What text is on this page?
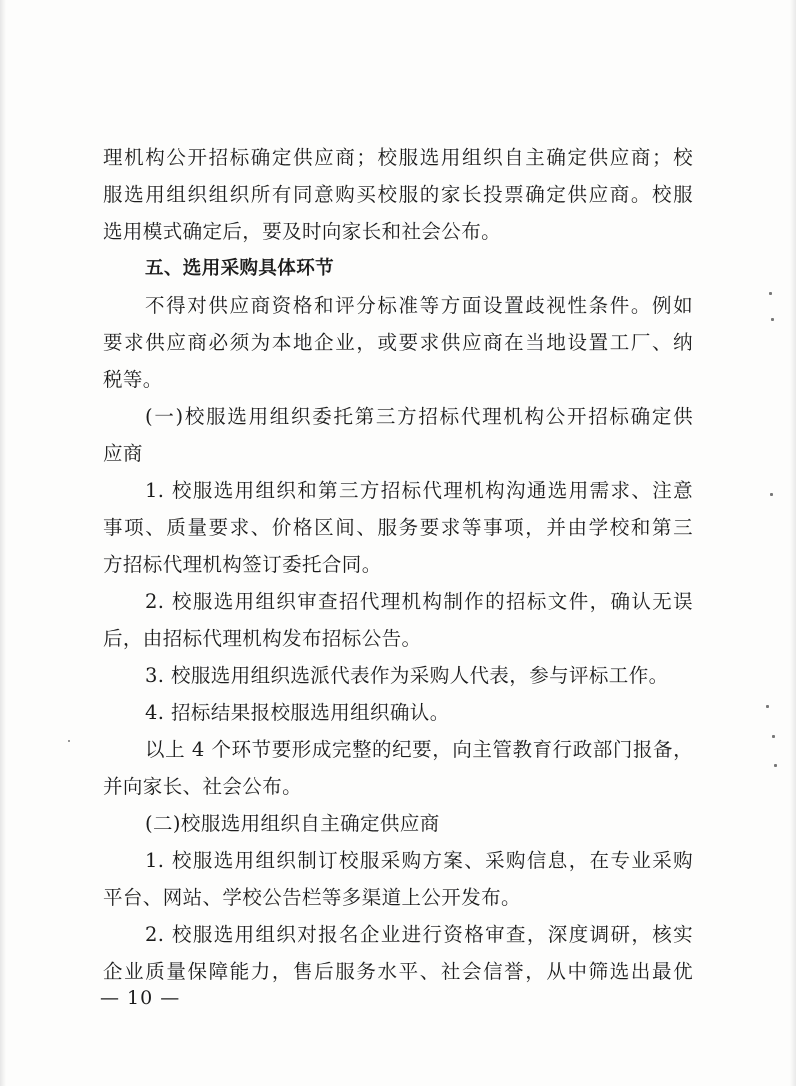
理机构公开招标确定供应商；校服选用组织自主确定供应商；校
服选用组织组织所有同意购买校服的家长投票确定供应商。校服
选用模式确定后，要及时向家长和社会公布。
五、选用采购具体环节
不得对供应商资格和评分标准等方面设置歧视性条件。例如
要求供应商必须为本地企业，或要求供应商在当地设置工厂、纳
税等。
(一)校服选用组织委托第三方招标代理机构公开招标确定供
应商
1. 校服选用组织和第三方招标代理机构沟通选用需求、注意
事项、质量要求、价格区间、服务要求等事项，并由学校和第三
方招标代理机构签订委托合同。
2. 校服选用组织审查招代理机构制作的招标文件，确认无误
后，由招标代理机构发布招标公告。
3. 校服选用组织选派代表作为采购人代表，参与评标工作。
4. 招标结果报校服选用组织确认。
以上 4 个环节要形成完整的纪要，向主管教育行政部门报备，
并向家长、社会公布。
(二)校服选用组织自主确定供应商
1. 校服选用组织制订校服采购方案、采购信息，在专业采购
平台、网站、学校公告栏等多渠道上公开发布。
2. 校服选用组织对报名企业进行资格审查，深度调研，核实
企业质量保障能力，售后服务水平、社会信誉，从中筛选出最优
— 10 —
